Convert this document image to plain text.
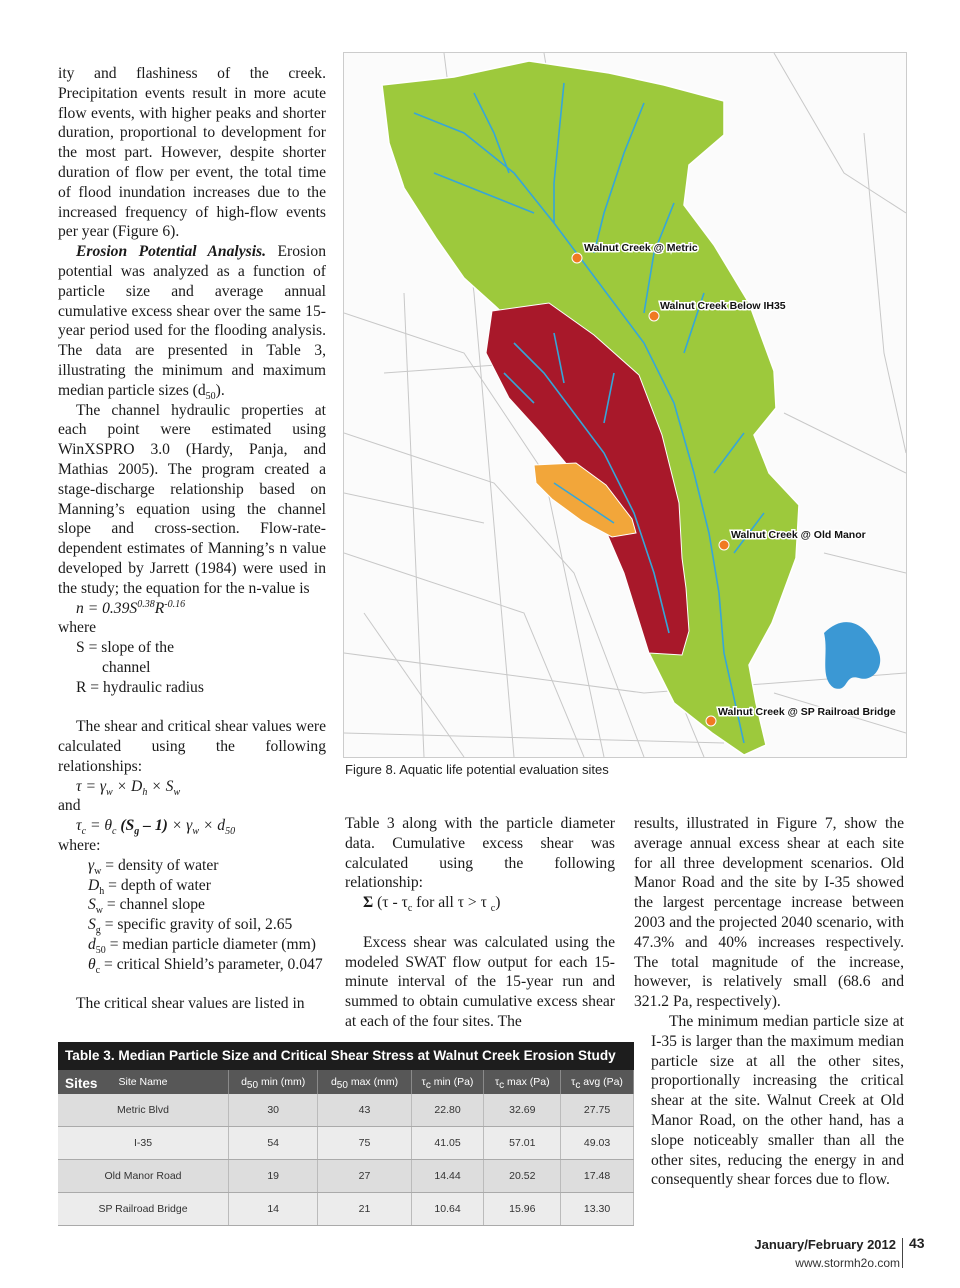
ity and flashiness of the creek. Precipitation events result in more acute flow events, with higher peaks and shorter duration, proportional to development for the most part. However, despite shorter duration of flow per event, the total time of flood inundation increases due to the increased frequency of high-flow events per year (Figure 6).

Erosion Potential Analysis. Erosion potential was analyzed as a function of particle size and average annual cumulative excess shear over the same 15-year period used for the flooding analysis. The data are presented in Table 3, illustrating the minimum and maximum median particle sizes $(d_{50})$.

The channel hydraulic properties at each point were estimated using WinXSPRO 3.0 (Hardy, Panja, and Mathias 2005). The program created a stage-discharge relationship based on Manning’s equation using the channel slope and cross-section. Flow-rate-dependent estimates of Manning’s n value developed by Jarrett (1984) were used in the study; the equation for the n-value is

$n = 0.39S^{0.38}R^{-0.16}$

where

S = slope of the

channel

R = hydraulic radius

The shear and critical shear values were calculated using the following relationships:

$\tau = \gamma_w \times D_h \times S_w$

and

$\tau_c = \theta_c$ $(S_g - 1) \times \gamma_w \times d_{50}$

where:

$\gamma_w$ = density of water

$D_h$ = depth of water

$S_w$ = channel slope

$S_g$ = specific gravity of soil, 2.65

$d_{50}$ = median particle diameter (mm)

$\theta_c$ = critical Shield’s parameter, 0.047

The critical shear values are listed in

Walnut Creek @ Metric
Walnut Creek Below IH35
Walnut Creek @ Old Manor
Walnut Creek @ SP Railroad Bridge
Figure 8. Aquatic life potential evaluation sites

Table 3 along with the particle diameter data. Cumulative excess shear was calculated using the following relationship:

Σ ($\tau - \tau_c$ for all τ > τ $_c$)

Excess shear was calculated using the modeled SWAT flow output for each 15-minute interval of the 15-year run and summed to obtain cumulative excess shear at each of the four sites. The

results, illustrated in Figure 7, show the average annual excess shear at each site for all three development scenarios. Old Manor Road and the site by I-35 showed the largest percentage increase between 2003 and the projected 2040 scenario, with 47.3% and 40% increases respectively. The total magnitude of the increase, however, is relatively small (68.6 and 321.2 Pa, respectively).

The minimum median particle size at I-35 is larger than the maximum median particle size at all the other sites, proportionally increasing the critical shear at the site. Walnut Creek at Old Manor Road, on the other hand, has a slope noticeably smaller than all the other sites, reducing the energy in and consequently shear forces due to flow.

Table 3. Median Particle Size and Critical Shear Stress at Walnut Creek Erosion Study Sites	Site Name	$d_{50}$ min (mm)	$d_{50}$ max (mm)	$\tau_c$ min (Pa)	$\tau_c$ max (Pa)	$\tau_c$ avg (Pa)
Metric Blvd	30	43	22.80	32.69	27.75
I-35	54	75	41.05	57.01	49.03
Old Manor Road	19	27	14.44	20.52	17.48
SP Railroad Bridge	14	21	10.64	15.96	13.30
January/February 2012 43
www.stormh2o.com
